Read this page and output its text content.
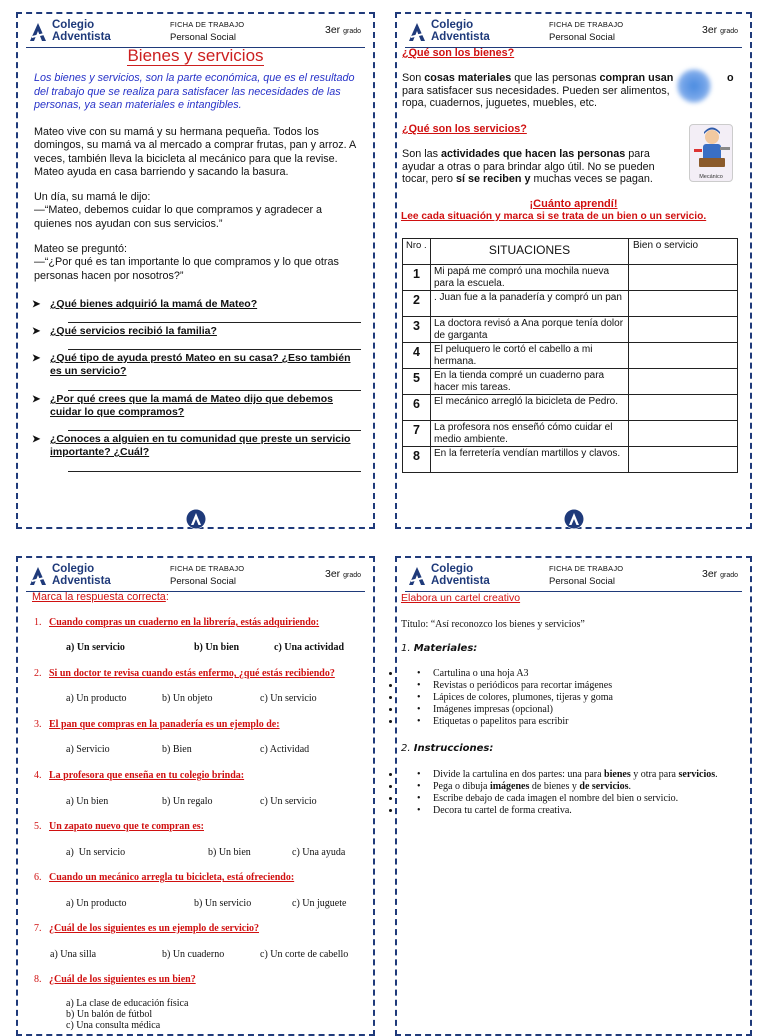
Colegio
Adventista
FICHA DE TRABAJO
Personal Social
3er grado
Bienes y servicios
Los bienes y servicios, son la parte económica, que es el resultado del trabajo que se realiza para satisfacer las necesidades de las personas, ya sean materiales e intangibles.
Mateo vive con su mamá y su hermana pequeña. Todos los domingos, su mamá va al mercado a comprar frutas, pan y arroz. A veces, también lleva la bicicleta al mecánico para que la revise. Mateo ayuda en casa barriendo y sacando la basura.
Un día, su mamá le dijo:
—“Mateo, debemos cuidar lo que compramos y agradecer a quienes nos ayudan con sus servicios.”
Mateo se preguntó:
—“¿Por qué es tan importante lo que compramos y lo que otras personas hacen por nosotros?”
➤ ¿Qué bienes adquirió la mamá de Mateo?
➤ ¿Qué servicios recibió la familia?
➤ ¿Qué tipo de ayuda prestó Mateo en su casa? ¿Eso también es un servicio?
➤ ¿Por qué crees que la mamá de Mateo dijo que debemos cuidar lo que compramos?
➤ ¿Conoces a alguien en tu comunidad que preste un servicio importante? ¿Cuál?
Colegio
Adventista
FICHA DE TRABAJO
Personal Social
3er grado
¿Qué son los bienes?
Son cosas materiales que las personas compran usan para satisfacer sus necesidades. Pueden ser alimentos, ropa, cuadernos, juguetes, muebles, etc.
o
¿Qué son los servicios?
Son las actividades que hacen las personas para ayudar a otras o para brindar algo útil. No se pueden tocar, pero sí se reciben y muchas veces se pagan.	Mecánico
¡Cuánto aprendí!
Lee cada situación y marca si se trata de un bien o un servicio.
Nro .	SITUACIONES	Bien o servicio
1	Mi papá me compró una mochila nueva para la escuela.	
2	. Juan fue a la panadería y compró un pan	
3	La doctora revisó a Ana porque tenía dolor de garganta	
4	El peluquero le cortó el cabello a mi hermana.	
5	En la tienda compré un cuaderno para hacer mis tareas.	
6	El mecánico arregló la bicicleta de Pedro.	
7	La profesora nos enseñó cómo cuidar el medio ambiente.	
8	En la ferretería vendían martillos y clavos.	
Colegio
Adventista
FICHA DE TRABAJO
Personal Social
3er grado
Marca la respuesta correcta:
1. Cuando compras un cuaderno en la librería, estás adquiriendo:
a) Un servicio	b) Un bien	c) Una actividad
2. Si un doctor te revisa cuando estás enfermo, ¿qué estás recibiendo?
a) Un producto	b) Un objeto	c) Un servicio
3. El pan que compras en la panadería es un ejemplo de:
a) Servicio	b) Bien	c) Actividad
4. La profesora que enseña en tu colegio brinda:
a) Un bien	b) Un regalo	c) Un servicio
5. Un zapato nuevo que te compran es:
a)  Un servicio	b) Un bien	c) Una ayuda
6. Cuando un mecánico arregla tu bicicleta, está ofreciendo:
a) Un producto	b) Un servicio	c) Un juguete
7. ¿Cuál de los siguientes es un ejemplo de servicio?
a) Una silla	b) Un cuaderno	c) Un corte de cabello
8. ¿Cuál de los siguientes es un bien?
a) La clase de educación física
b) Un balón de fútbol
c) Una consulta médica
Colegio
Adventista
FICHA DE TRABAJO
Personal Social
3er grado
Elabora un cartel creativo
Título: “Así reconozco los bienes y servicios”
1. Materiales:
• • Cartulina o una hoja A3
• • Revistas o periódicos para recortar imágenes
• • Lápices de colores, plumones, tijeras y goma
• • Imágenes impresas (opcional)
• • Etiquetas o papelitos para escribir
2. Instrucciones:
• • Divide la cartulina en dos partes: una para bienes y otra para servicios.
• • Pega o dibuja imágenes de bienes y de servicios.
• • Escribe debajo de cada imagen el nombre del bien o servicio.
• • Decora tu cartel de forma creativa.
